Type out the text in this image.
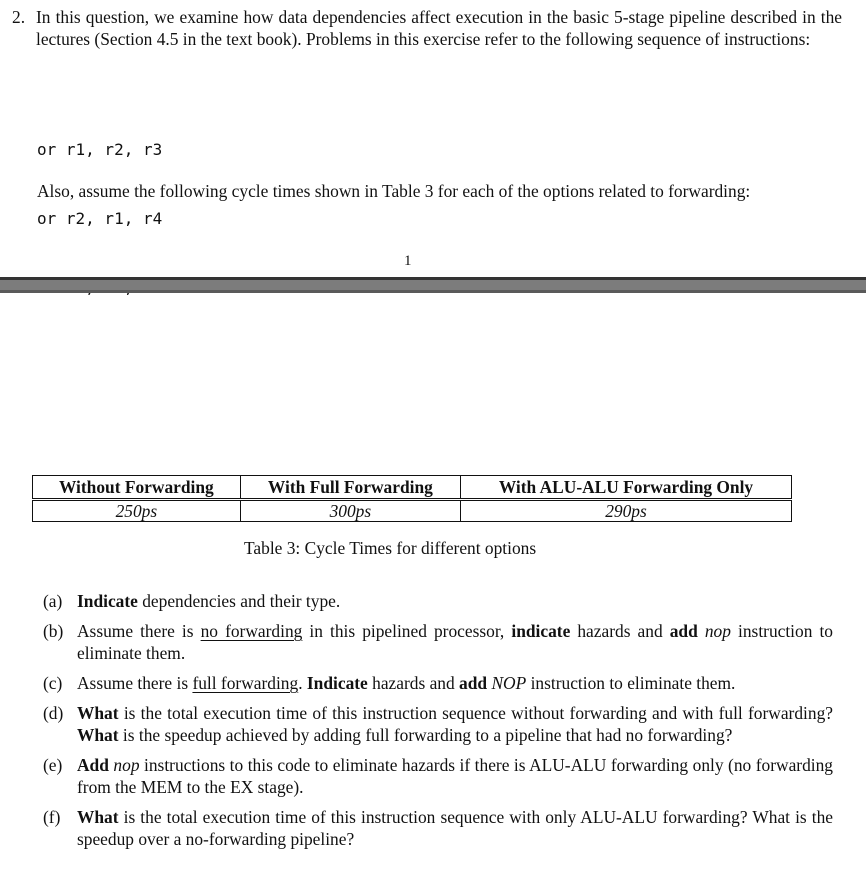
2. In this question, we examine how data dependencies affect execution in the basic 5-stage pipeline described in the lectures (Section 4.5 in the text book). Problems in this exercise refer to the following sequence of instructions:

or r1, r2, r3

or r2, r1, r4

Also, assume the following cycle times shown in Table 3 for each of the options related to forwarding:
1
Without Forwarding	With Full Forwarding	With ALU-ALU Forwarding Only
250ps	300ps	290ps
Table 3: Cycle Times for different options
(a) Indicate dependencies and their type.
(b) Assume there is no forwarding in this pipelined processor, indicate hazards and add nop instruction to eliminate them.
(c) Assume there is full forwarding. Indicate hazards and add NOP instruction to eliminate them.
(d) What is the total execution time of this instruction sequence without forwarding and with full forwarding? What is the speedup achieved by adding full forwarding to a pipeline that had no forwarding?
(e) Add nop instructions to this code to eliminate hazards if there is ALU-ALU forwarding only (no forwarding from the MEM to the EX stage).
(f) What is the total execution time of this instruction sequence with only ALU-ALU forwarding? What is the speedup over a no-forwarding pipeline?
